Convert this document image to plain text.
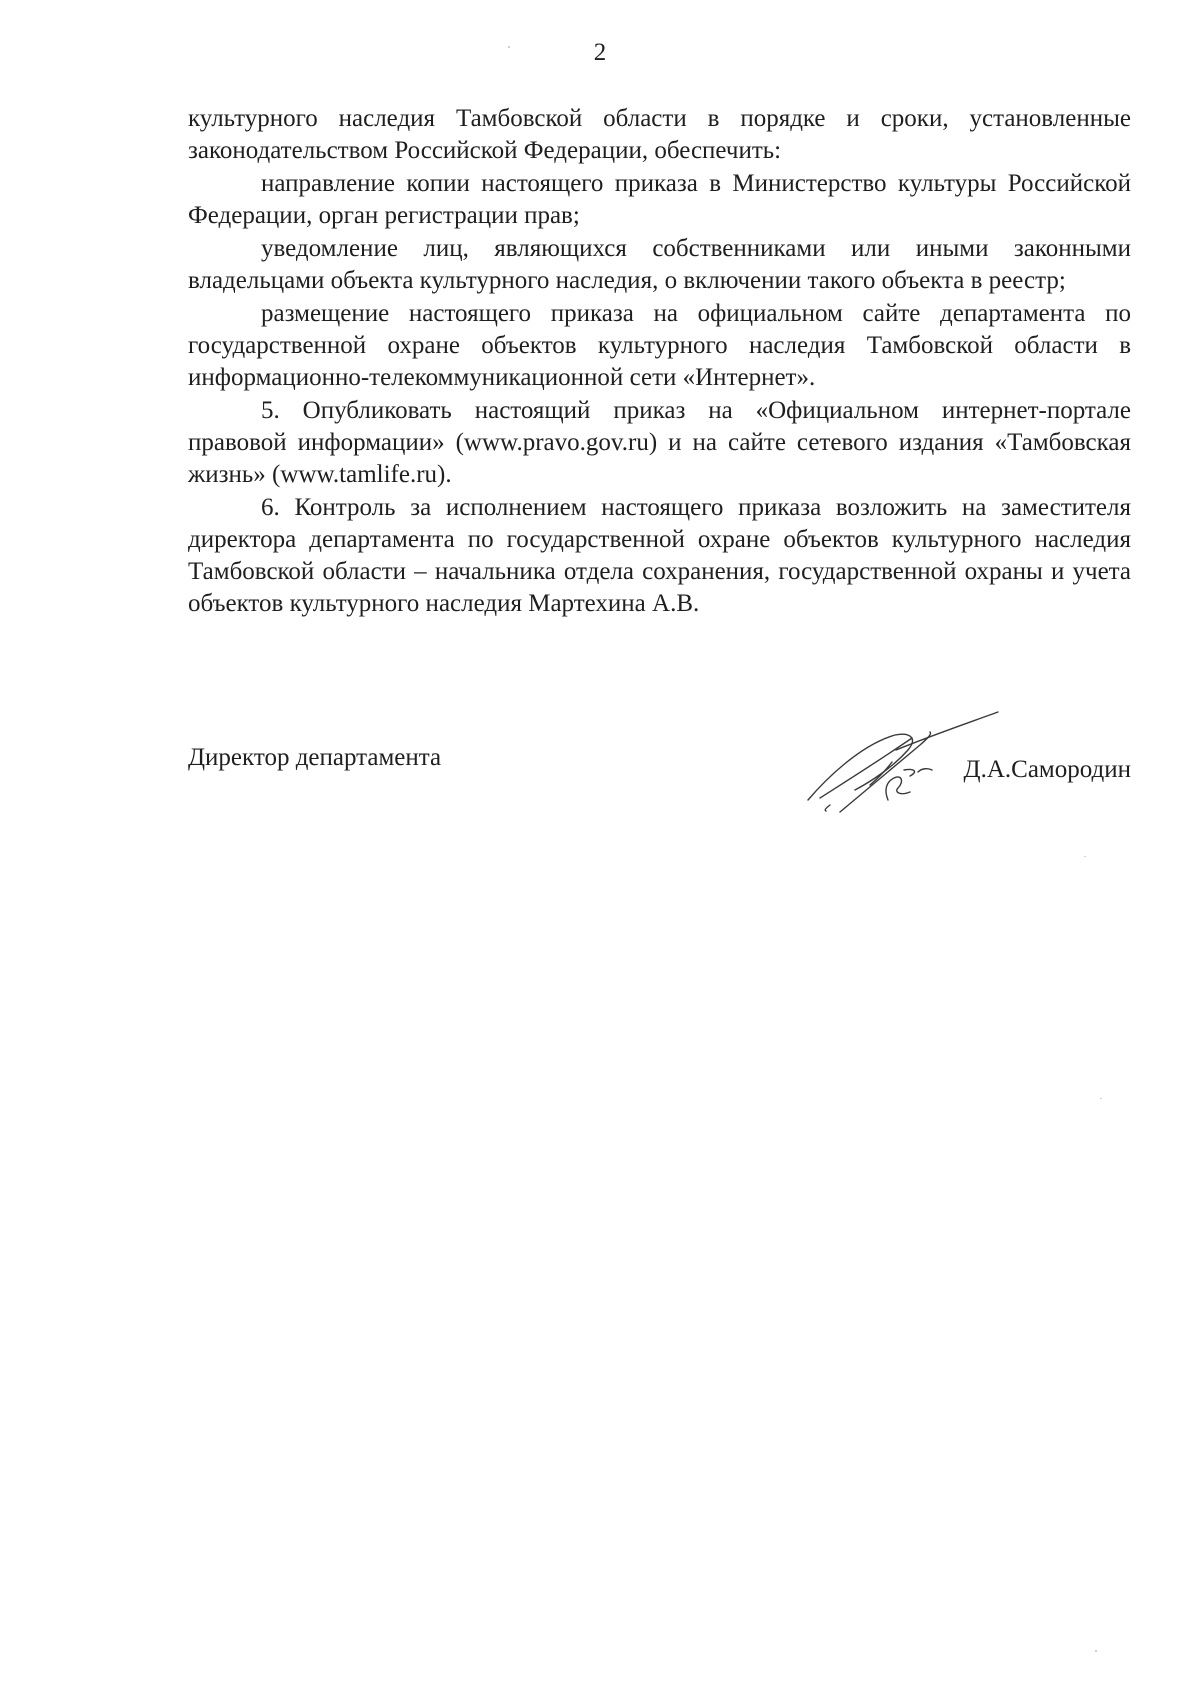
2

культурного наследия Тамбовской области в порядке и сроки, установленные законодательством Российской Федерации, обеспечить:

направление копии настоящего приказа в Министерство культуры Российской Федерации, орган регистрации прав;

уведомление лиц, являющихся собственниками или иными законными владельцами объекта культурного наследия, о включении такого объекта в реестр;

размещение настоящего приказа на официальном сайте департамента по государственной охране объектов культурного наследия Тамбовской области в информационно-телекоммуникационной сети «Интернет».

5. Опубликовать настоящий приказ на «Официальном интернет-портале правовой информации» (www.pravo.gov.ru) и на сайте сетевого издания «Тамбовская жизнь» (www.tamlife.ru).

6. Контроль за исполнением настоящего приказа возложить на заместителя директора департамента по государственной охране объектов культурного наследия Тамбовской области – начальника отдела сохранения, государственной охраны и учета объектов культурного наследия Мартехина А.В.

Директор департамента	Д.А.Самородин
